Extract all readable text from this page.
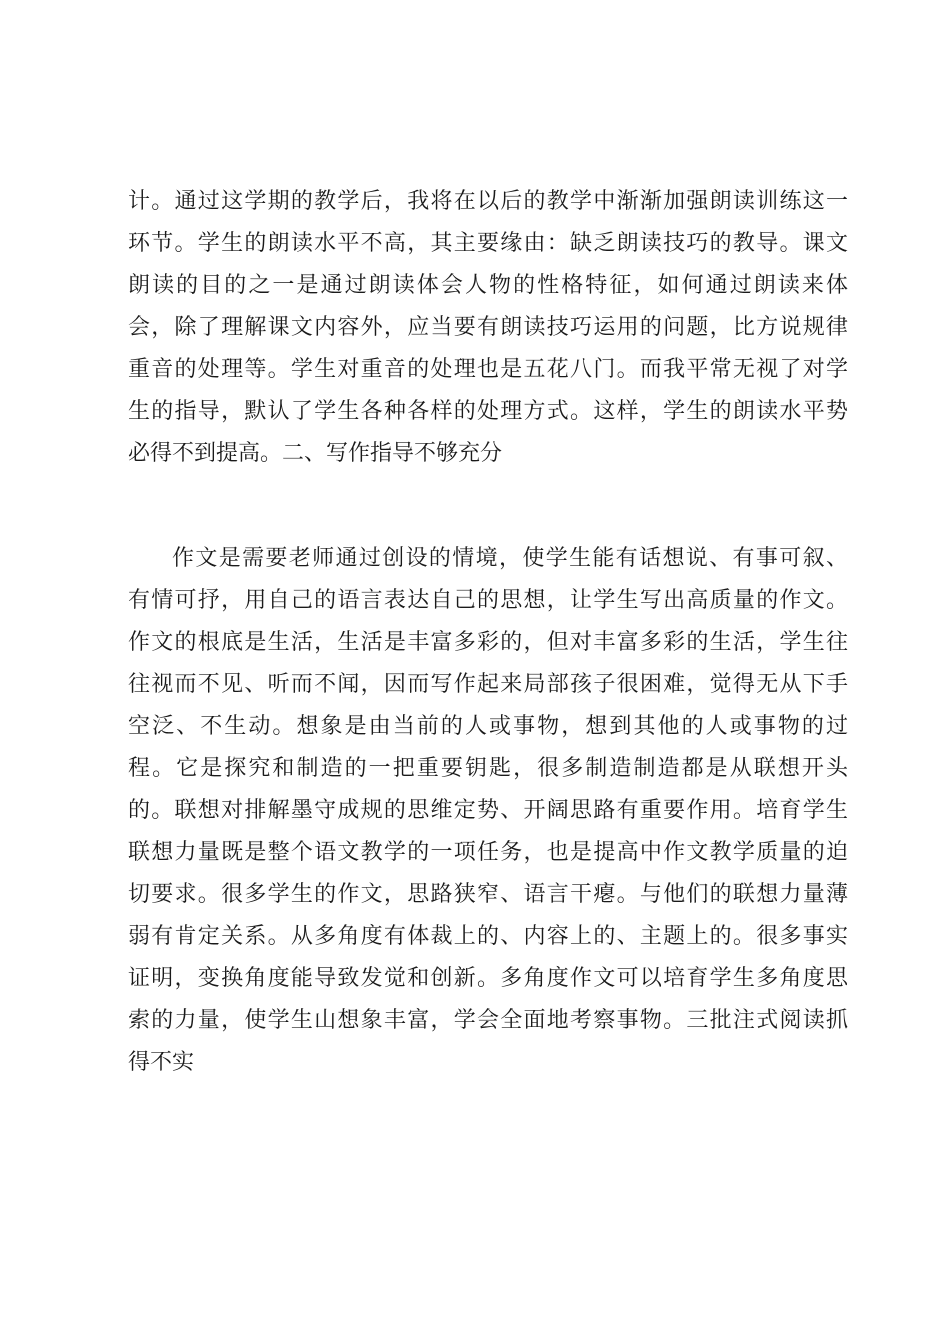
计。通过这学期的教学后，我将在以后的教学中渐渐加强朗读训练这一
环节。学生的朗读水平不高，其主要缘由：缺乏朗读技巧的教导。课文
朗读的目的之一是通过朗读体会人物的性格特征，如何通过朗读来体
会，除了理解课文内容外，应当要有朗读技巧运用的问题，比方说规律
重音的处理等。学生对重音的处理也是五花八门。而我平常无视了对学
生的指导，默认了学生各种各样的处理方式。这样，学生的朗读水平势
必得不到提高。二、写作指导不够充分
作文是需要老师通过创设的情境，使学生能有话想说、有事可叙、
有情可抒，用自己的语言表达自己的思想，让学生写出高质量的作文。
作文的根底是生活，生活是丰富多彩的，但对丰富多彩的生活，学生往
往视而不见、听而不闻，因而写作起来局部孩子很困难，觉得无从下手
空泛、不生动。想象是由当前的人或事物，想到其他的人或事物的过
程。它是探究和制造的一把重要钥匙，很多制造制造都是从联想开头
的。联想对排解墨守成规的思维定势、开阔思路有重要作用。培育学生
联想力量既是整个语文教学的一项任务，也是提高中作文教学质量的迫
切要求。很多学生的作文，思路狭窄、语言干瘪。与他们的联想力量薄
弱有肯定关系。从多角度有体裁上的、内容上的、主题上的。很多事实
证明，变换角度能导致发觉和创新。多角度作文可以培育学生多角度思
索的力量，使学生山想象丰富，学会全面地考察事物。三批注式阅读抓
得不实
